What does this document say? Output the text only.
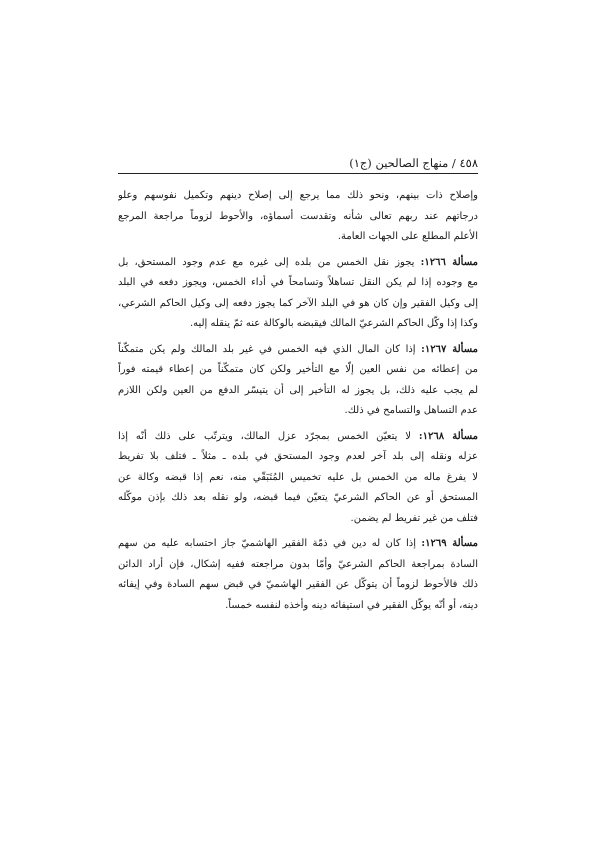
٤٥٨
/
منهاج الصالحين (ج١)
وإصلاح ذات بينهم، ونحو ذلك مما يرجع إلى إصلاح دينهم وتكميل نفوسهم وعلو
درجاتهم عند ربهم تعالى شأنه وتقدست أسماؤه، والأحوط لزوماً مراجعة المرجع
الأعلم المطلع على الجهات العامة.
مسألة ١٢٦٦: يجوز نقل الخمس من بلده إلى غيره مع عدم وجود المستحق، بل
مع وجوده إذا لم يكن النقل تساهلاً وتسامحاً في أداء الخمس، ويجوز دفعه في البلد
إلى وكيل الفقير وإن كان هو في البلد الآخر كما يجوز دفعه إلى وكيل الحاكم الشرعي،
وكذا إذا وكّل الحاكم الشرعيّ المالك فيقبضه بالوكالة عنه ثمّ ينقله إليه.
مسألة ١٢٦٧: إذا كان المال الذي فيه الخمس في غير بلد المالك ولم يكن متمكّناً
من إعطائه من نفس العين إلّا مع التأخير ولكن كان متمكّناً من إعطاء قيمته فوراً
لم يجب عليه ذلك، بل يجوز له التأخير إلى أن يتيسّر الدفع من العين ولكن اللازم
عدم التساهل والتسامح في ذلك.
مسألة ١٢٦٨: لا يتعيّن الخمس بمجرّد عزل المالك، ويترتّب على ذلك أنّه إذا
عزله ونقله إلى بلد آخر لعدم وجود المستحق في بلده ـ مثلاً ـ فتلف بلا تفريط
لا يفرغ ماله من الخمس بل عليه تخميس المُتَبَقّي منه، نعم إذا قبضه وكالة عن
المستحق أو عن الحاكم الشرعيّ يتعيّن فيما قبضه، ولو نقله بعد ذلك بإذن موكّله
فتلف من غير تفريط لم يضمن.
مسألة ١٢٦٩: إذا كان له دين في ذمّة الفقير الهاشميّ جاز احتسابه عليه من سهم
السادة بمراجعة الحاكم الشرعيّ وأمّا بدون مراجعته ففيه إشكال، فإن أراد الدائن
ذلك فالأحوط لزوماً أن يتوكّل عن الفقير الهاشميّ في قبض سهم السادة وفي إيفائه
دينه، أو أنّه يوكّل الفقير في استيفائه دينه وأخذه لنفسه خمساً.
